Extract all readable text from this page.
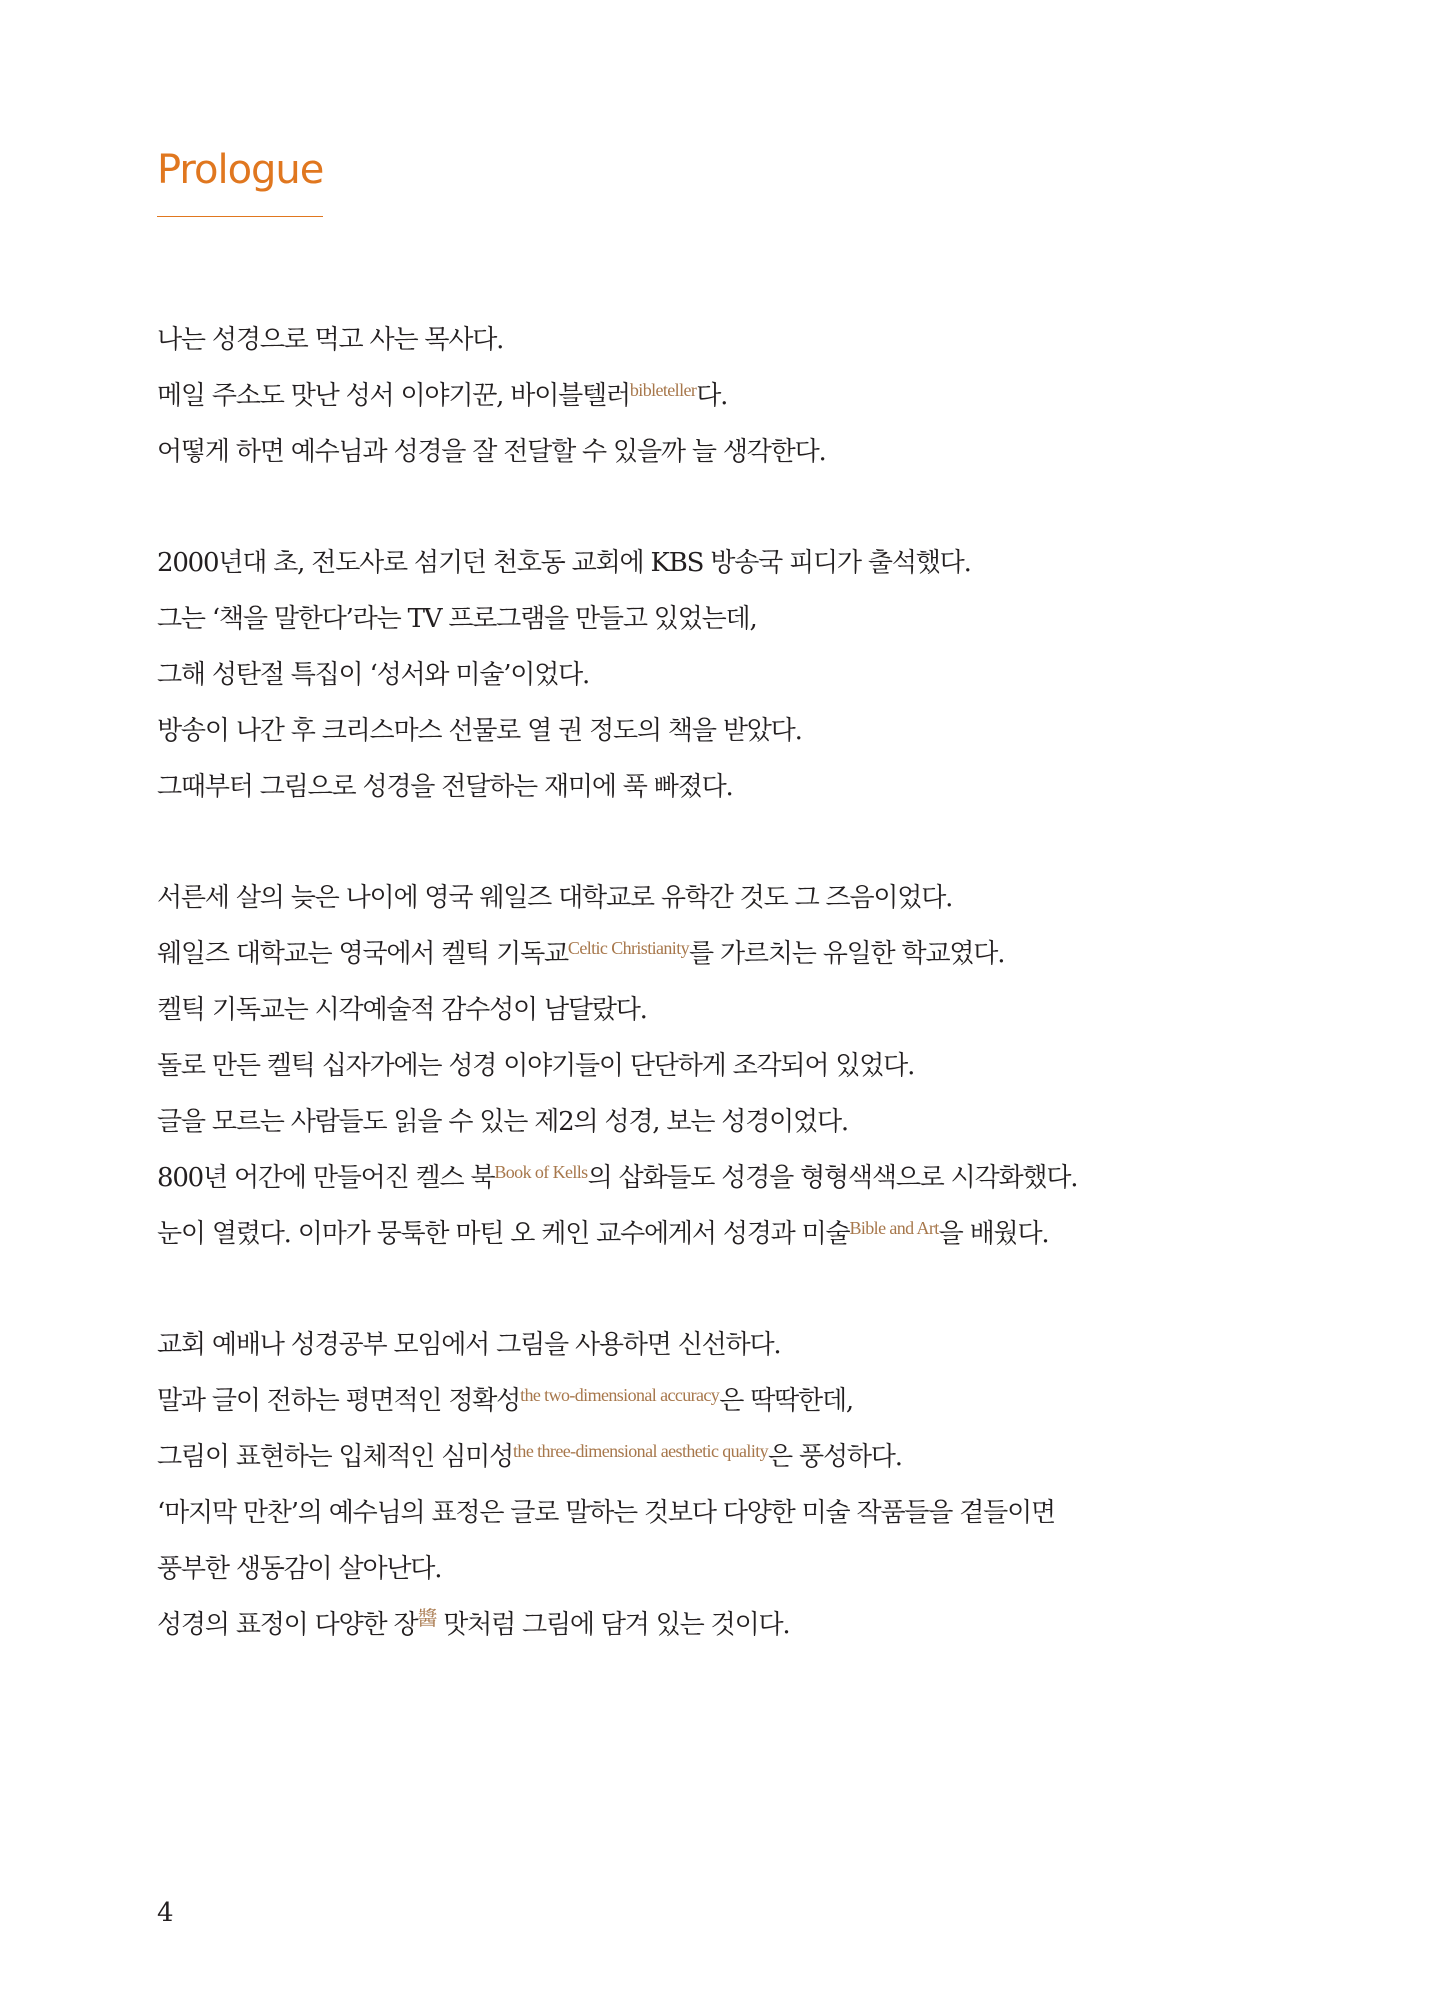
Prologue
나는 성경으로 먹고 사는 목사다.
메일 주소도 맛난 성서 이야기꾼, 바이블텔러$^{bibleteller}$다.
어떻게 하면 예수님과 성경을 잘 전달할 수 있을까 늘 생각한다.
2000년대 초, 전도사로 섬기던 천호동 교회에 KBS 방송국 피디가 출석했다.
그는 ‘책을 말한다’라는 TV 프로그램을 만들고 있었는데,
그해 성탄절 특집이 ‘성서와 미술’이었다.
방송이 나간 후 크리스마스 선물로 열 권 정도의 책을 받았다.
그때부터 그림으로 성경을 전달하는 재미에 푹 빠졌다.
서른세 살의 늦은 나이에 영국 웨일즈 대학교로 유학간 것도 그 즈음이었다.
웨일즈 대학교는 영국에서 켈틱 기독교$^{Celtic Christianity}$를 가르치는 유일한 학교였다.
켈틱 기독교는 시각예술적 감수성이 남달랐다.
돌로 만든 켈틱 십자가에는 성경 이야기들이 단단하게 조각되어 있었다.
글을 모르는 사람들도 읽을 수 있는 제2의 성경, 보는 성경이었다.
800년 어간에 만들어진 켈스 북$^{Book of Kells}$의 삽화들도 성경을 형형색색으로 시각화했다.
눈이 열렸다. 이마가 뭉툭한 마틴 오 케인 교수에게서 성경과 미술$^{Bible and Art}$을 배웠다.
교회 예배나 성경공부 모임에서 그림을 사용하면 신선하다.
말과 글이 전하는 평면적인 정확성$^{the two-dimensional accuracy}$은 딱딱한데,
그림이 표현하는 입체적인 심미성$^{the three-dimensional aesthetic quality}$은 풍성하다.
‘마지막 만찬’의 예수님의 표정은 글로 말하는 것보다 다양한 미술 작품들을 곁들이면
풍부한 생동감이 살아난다.
성경의 표정이 다양한 장$^醬$ 맛처럼 그림에 담겨 있는 것이다.
4
